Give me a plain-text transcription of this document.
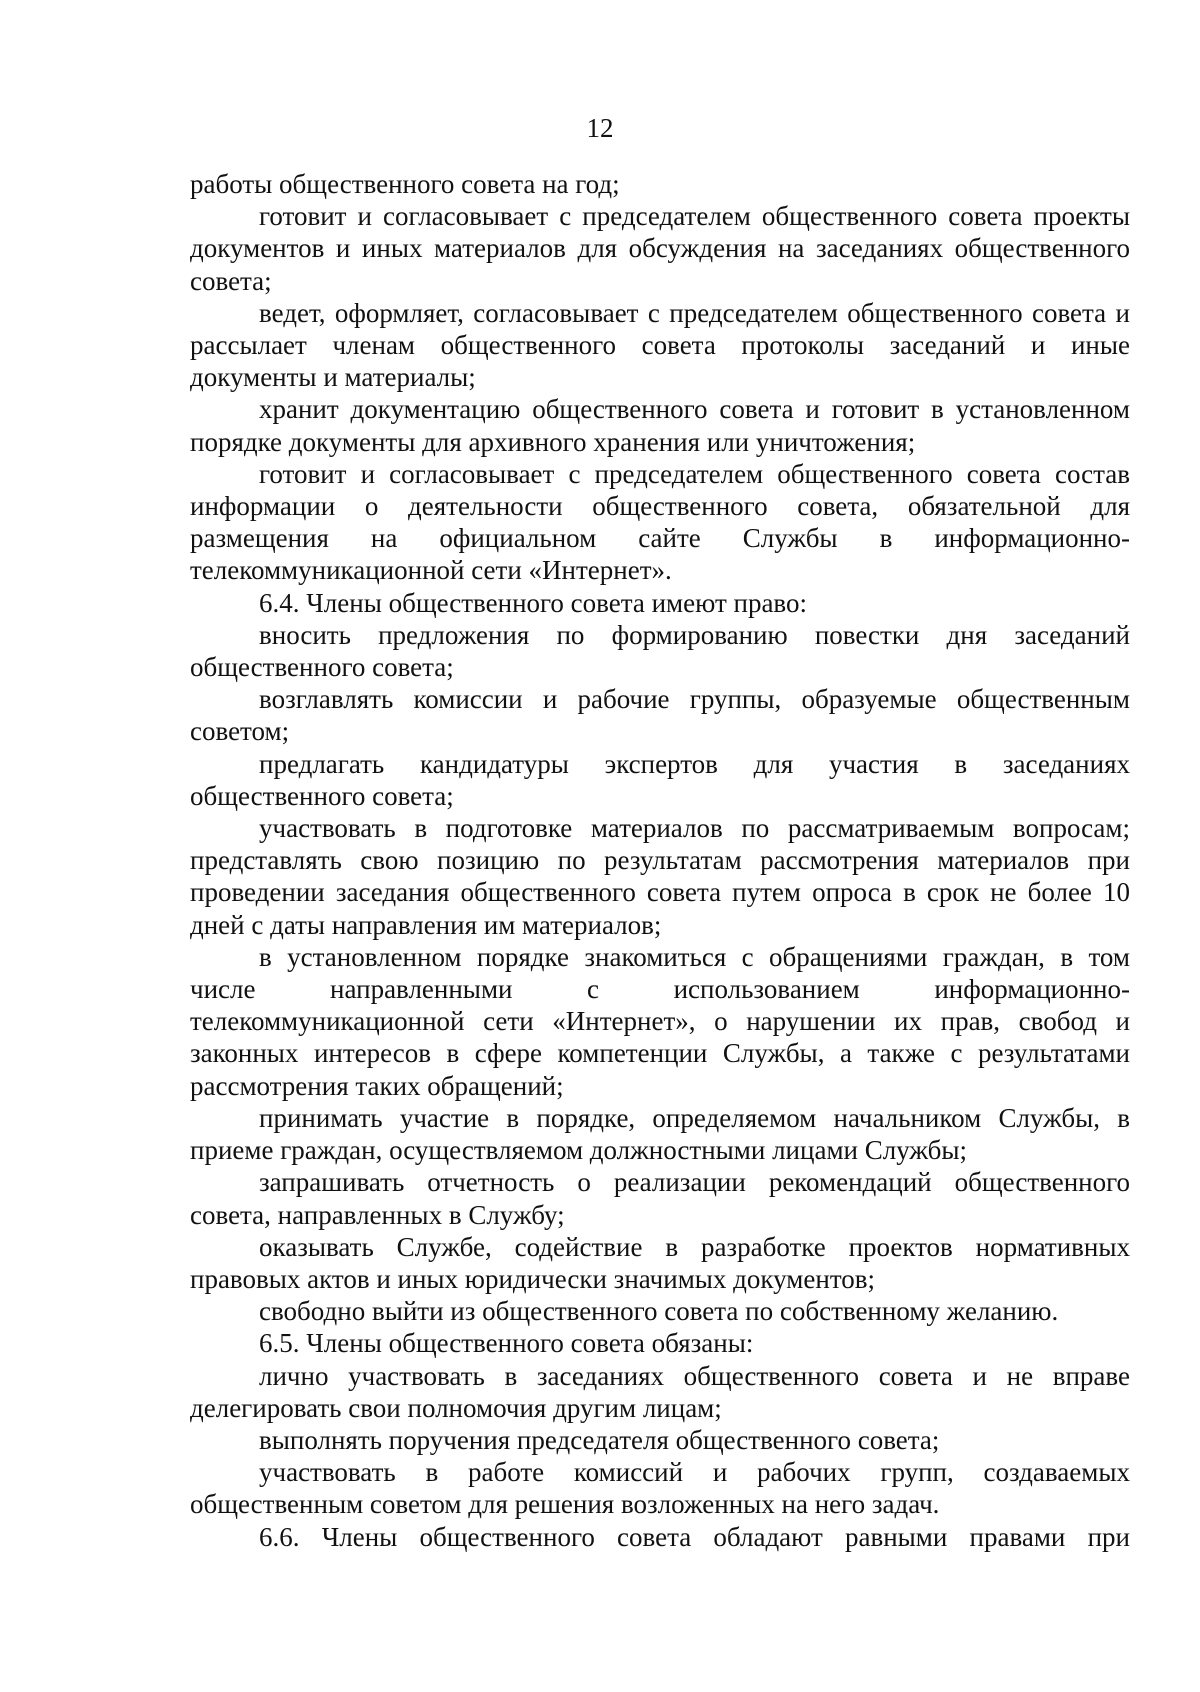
12

работы общественного совета на год;

готовит и согласовывает с председателем общественного совета проекты документов и иных материалов для обсуждения на заседаниях общественного совета;

ведет, оформляет, согласовывает с председателем общественного совета и рассылает членам общественного совета протоколы заседаний и иные документы и материалы;

хранит документацию общественного совета и готовит в установленном порядке документы для архивного хранения или уничтожения;

готовит и согласовывает с председателем общественного совета состав информации о деятельности общественного совета, обязательной для размещения на официальном сайте Службы в информационно-телекоммуникационной сети «Интернет».

6.4. Члены общественного совета имеют право:

вносить предложения по формированию повестки дня заседаний общественного совета;

возглавлять комиссии и рабочие группы, образуемые общественным советом;

предлагать кандидатуры экспертов для участия в заседаниях общественного совета;

участвовать в подготовке материалов по рассматриваемым вопросам; представлять свою позицию по результатам рассмотрения материалов при проведении заседания общественного совета путем опроса в срок не более 10 дней с даты направления им материалов;

в установленном порядке знакомиться с обращениями граждан, в том числе направленными с использованием информационно-телекоммуникационной сети «Интернет», о нарушении их прав, свобод и законных интересов в сфере компетенции Службы, а также с результатами рассмотрения таких обращений;

принимать участие в порядке, определяемом начальником Службы, в приеме граждан, осуществляемом должностными лицами Службы;

запрашивать отчетность о реализации рекомендаций общественного совета, направленных в Службу;

оказывать Службе, содействие в разработке проектов нормативных правовых актов и иных юридически значимых документов;

свободно выйти из общественного совета по собственному желанию.

6.5. Члены общественного совета обязаны:

лично участвовать в заседаниях общественного совета и не вправе делегировать свои полномочия другим лицам;

выполнять поручения председателя общественного совета;

участвовать в работе комиссий и рабочих групп, создаваемых общественным советом для решения возложенных на него задач.

6.6. Члены общественного совета обладают равными правами при
